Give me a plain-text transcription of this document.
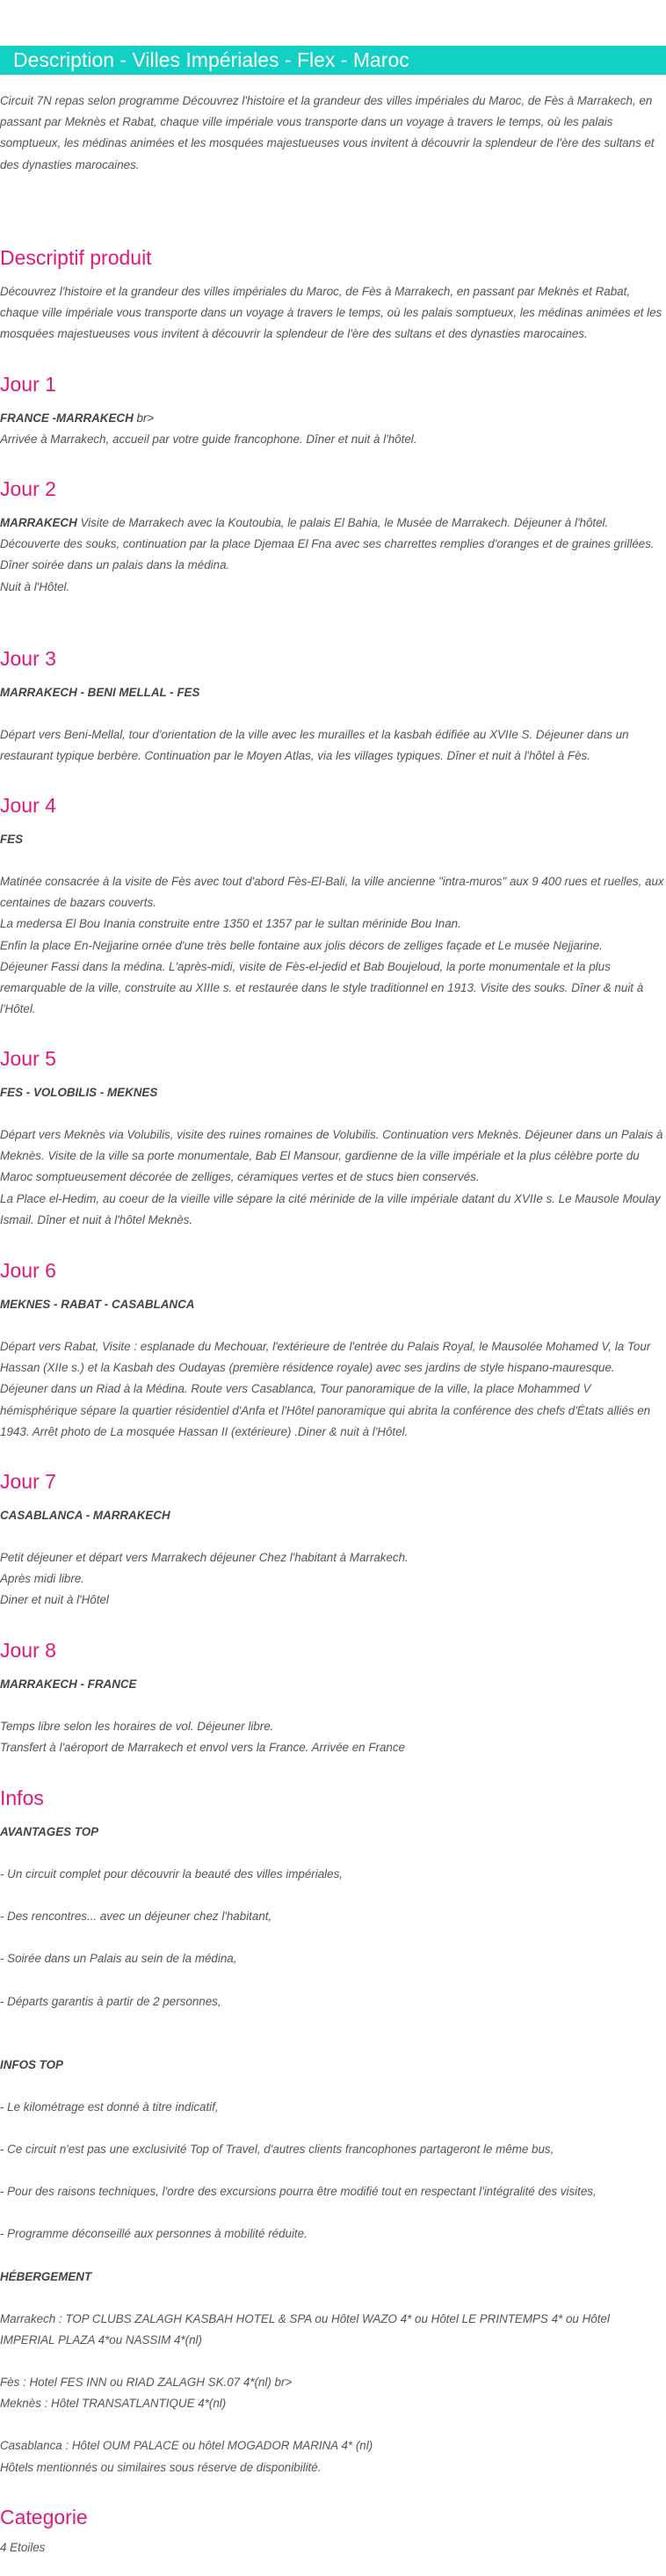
Description - Villes Impériales - Flex - Maroc

Circuit 7N repas selon programme Découvrez l'histoire et la grandeur des villes impériales du Maroc, de Fès à Marrakech, en passant par Meknès et Rabat, chaque ville impériale vous transporte dans un voyage à travers le temps, où les palais somptueux, les médinas animées et les mosquées majestueuses vous invitent à découvrir la splendeur de l'ère des sultans et des dynasties marocaines.

Descriptif produit

Découvrez l'histoire et la grandeur des villes impériales du Maroc, de Fès à Marrakech, en passant par Meknès et Rabat, chaque ville impériale vous transporte dans un voyage à travers le temps, où les palais somptueux, les médinas animées et les mosquées majestueuses vous invitent à découvrir la splendeur de l'ère des sultans et des dynasties marocaines.

Jour 1

FRANCE -MARRAKECH br>

Arrivée à Marrakech, accueil par votre guide francophone. Dîner et nuit à l'hôtel.

Jour 2

MARRAKECH Visite de Marrakech avec la Koutoubia, le palais El Bahia, le Musée de Marrakech. Déjeuner à l'hôtel. Découverte des souks, continuation par la place Djemaa El Fna avec ses charrettes remplies d'oranges et de graines grillées.

Dîner soirée dans un palais dans la médina.

Nuit à l'Hôtel.

Jour 3

MARRAKECH - BENI MELLAL - FES

Départ vers Beni-Mellal, tour d'orientation de la ville avec les murailles et la kasbah édifiée au XVIIe S. Déjeuner dans un restaurant typique berbère. Continuation par le Moyen Atlas, via les villages typiques. Dîner et nuit à l'hôtel à Fès.

Jour 4

FES

Matinée consacrée à la visite de Fès avec tout d'abord Fès-El-Bali, la ville ancienne "intra-muros" aux 9 400 rues et ruelles, aux centaines de bazars couverts.

La medersa El Bou Inania construite entre 1350 et 1357 par le sultan mérinide Bou Inan.

Enfin la place En-Nejjarine ornée d'une très belle fontaine aux jolis décors de zelliges façade et Le musée Nejjarine.

Déjeuner Fassi dans la médina. L'après-midi, visite de Fès-el-jedid et Bab Boujeloud, la porte monumentale et la plus remarquable de la ville, construite au XIIIe s. et restaurée dans le style traditionnel en 1913. Visite des souks. Dîner & nuit à l'Hôtel.

Jour 5

FES - VOLOBILIS - MEKNES

Départ vers Meknès via Volubilis, visite des ruines romaines de Volubilis. Continuation vers Meknès. Déjeuner dans un Palais à Meknès. Visite de la ville sa porte monumentale, Bab El Mansour, gardienne de la ville impériale et la plus célèbre porte du Maroc somptueusement décorée de zelliges, céramiques vertes et de stucs bien conservés.

La Place el-Hedim, au coeur de la vieille ville sépare la cité mérinide de la ville impériale datant du XVIIe s. Le Mausole Moulay Ismail. Dîner et nuit à l'hôtel Meknès.

Jour 6

MEKNES - RABAT - CASABLANCA

Départ vers Rabat, Visite : esplanade du Mechouar, l'extérieure de l'entrée du Palais Royal, le Mausolée Mohamed V, la Tour Hassan (XIIe s.) et la Kasbah des Oudayas (première résidence royale) avec ses jardins de style hispano-mauresque. Déjeuner dans un Riad à la Médina. Route vers Casablanca, Tour panoramique de la ville, la place Mohammed V hémisphérique sépare la quartier résidentiel d'Anfa et l'Hôtel panoramique qui abrita la conférence des chefs d'États alliés en 1943. Arrêt photo de La mosquée Hassan II (extérieure) .Diner & nuit à l'Hôtel.

Jour 7

CASABLANCA - MARRAKECH

Petit déjeuner et départ vers Marrakech déjeuner Chez l'habitant à Marrakech.

Après midi libre.

Diner et nuit à l'Hôtel

Jour 8

MARRAKECH - FRANCE

Temps libre selon les horaires de vol. Déjeuner libre.

Transfert à l'aéroport de Marrakech et envol vers la France. Arrivée en France

Infos

AVANTAGES TOP

- Un circuit complet pour découvrir la beauté des villes impériales,

- Des rencontres... avec un déjeuner chez l'habitant,

- Soirée dans un Palais au sein de la médina,

- Départs garantis à partir de 2 personnes,

INFOS TOP

- Le kilométrage est donné à titre indicatif,

- Ce circuit n'est pas une exclusivité Top of Travel, d'autres clients francophones partageront le même bus,

- Pour des raisons techniques, l'ordre des excursions pourra être modifié tout en respectant l'intégralité des visites,

- Programme déconseillé aux personnes à mobilité réduite.

HÉBERGEMENT

Marrakech : TOP CLUBS ZALAGH KASBAH HOTEL & SPA ou Hôtel WAZO 4* ou Hôtel LE PRINTEMPS 4* ou Hôtel IMPERIAL PLAZA 4*ou NASSIM 4*(nl)

Fès : Hotel FES INN ou RIAD ZALAGH SK.07 4*(nl) br>

Meknès : Hôtel TRANSATLANTIQUE 4*(nl)

Casablanca : Hôtel OUM PALACE ou hôtel MOGADOR MARINA 4* (nl)

Hôtels mentionnés ou similaires sous réserve de disponibilité.

Categorie

4 Etoiles
